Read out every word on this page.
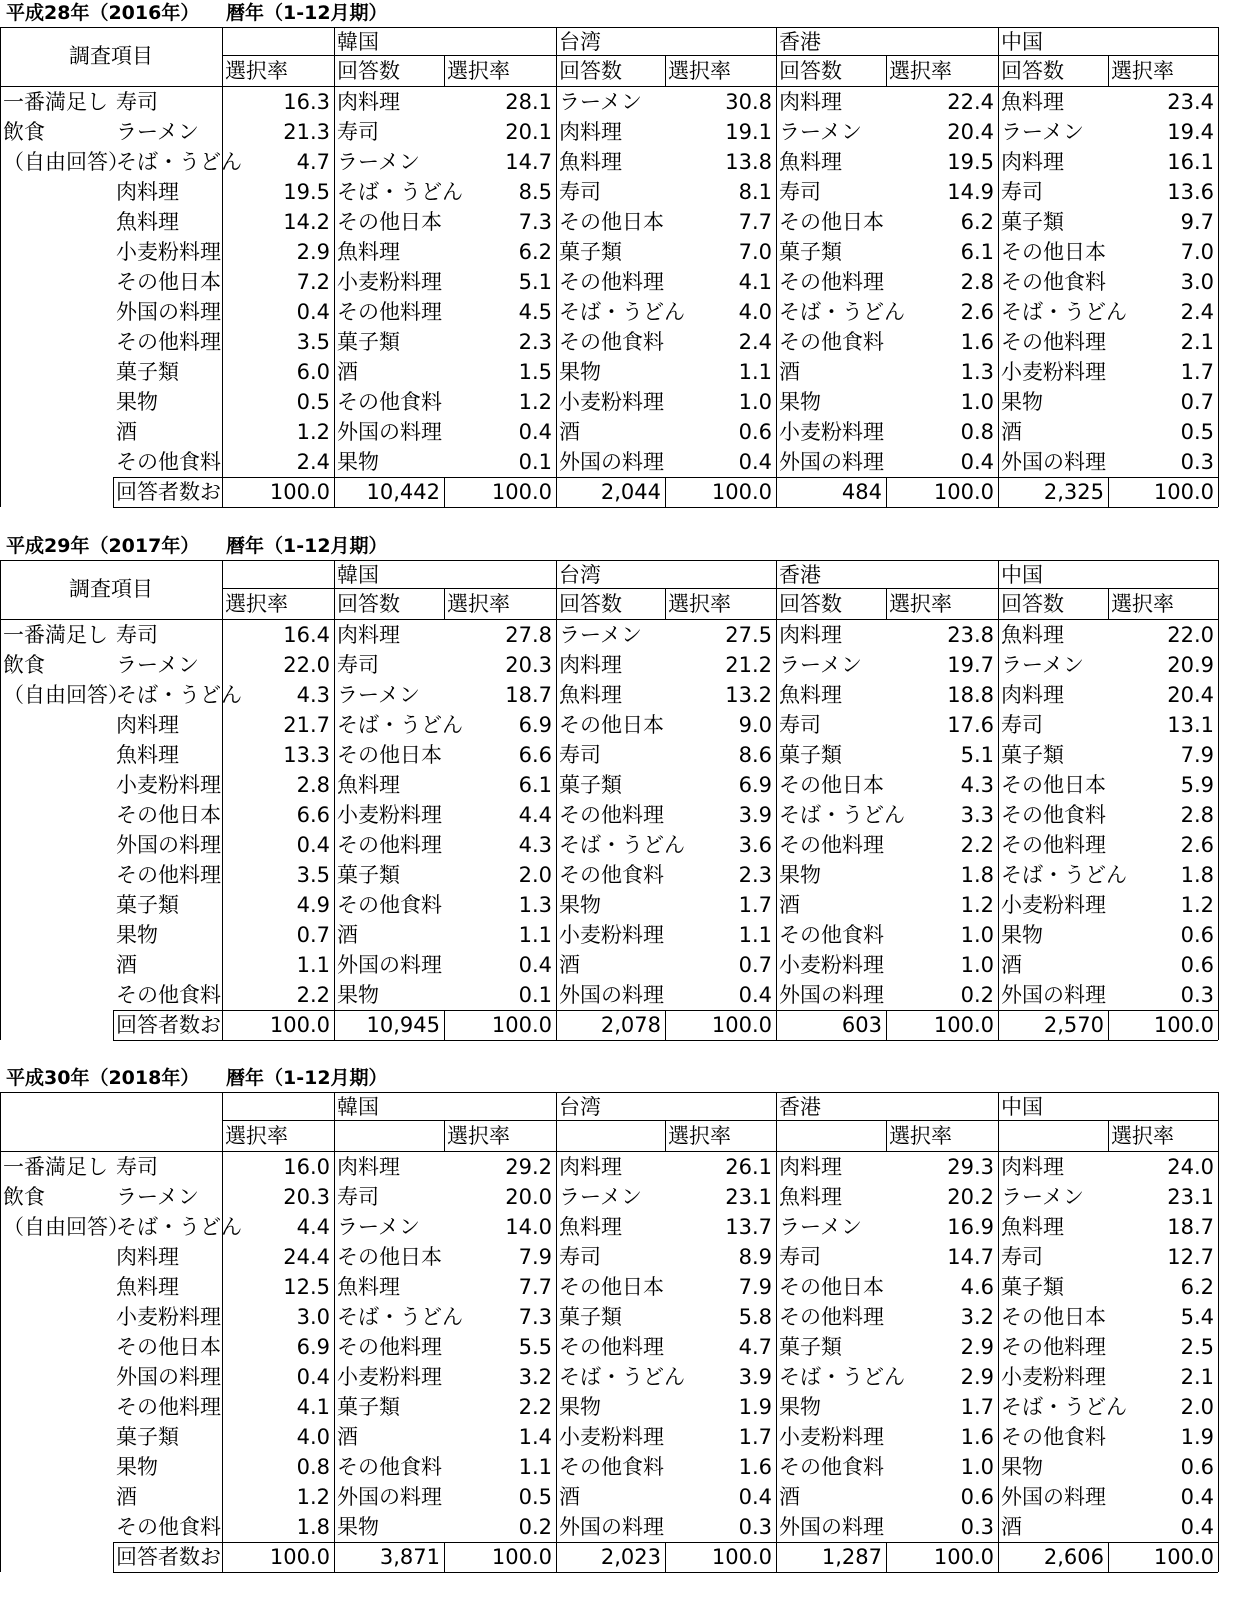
平成28年（2016年） 暦年（1-12月期）
調査項目
韓国	台湾	香港	中国
選択率	回答数	選択率	回答数	選択率	回答数	選択率	回答数	選択率
一番満足し
飲食
（自由回答）
寿司	16.3 肉料理	28.1 ラーメン	30.8 肉料理	22.4 魚料理	23.4
ラーメン	21.3 寿司	20.1 肉料理	19.1 ラーメン	20.4 ラーメン	19.4
そば・うどん	4.7 ラーメン	14.7 魚料理	13.8 魚料理	19.5 肉料理	16.1
肉料理	19.5 そば・うどん	8.5 寿司	8.1 寿司	14.9 寿司	13.6
魚料理	14.2 その他日本	7.3 その他日本	7.7 その他日本	6.2 菓子類	9.7
小麦粉料理	2.9 魚料理	6.2 菓子類	7.0 菓子類	6.1 その他日本	7.0
その他日本	7.2 小麦粉料理	5.1 その他料理	4.1 その他料理	2.8 その他食料	3.0
外国の料理	0.4 その他料理	4.5 そば・うどん	4.0 そば・うどん	2.6 そば・うどん	2.4
その他料理	3.5 菓子類	2.3 その他食料	2.4 その他食料	1.6 その他料理	2.1
菓子類	6.0 酒	1.5 果物	1.1 酒	1.3 小麦粉料理	1.7
果物	0.5 その他食料	1.2 小麦粉料理	1.0 果物	1.0 果物	0.7
酒	1.2 外国の料理	0.4 酒	0.6 小麦粉料理	0.8 酒	0.5
その他食料	2.4 果物	0.1 外国の料理	0.4 外国の料理	0.4 外国の料理	0.3
回答者数お	100.0	10,442	100.0	2,044	100.0	484	100.0	2,325	100.0
平成29年（2017年） 暦年（1-12月期）
調査項目
韓国	台湾	香港	中国
選択率	回答数	選択率	回答数	選択率	回答数	選択率	回答数	選択率
一番満足し
飲食
（自由回答）
寿司	16.4 肉料理	27.8 ラーメン	27.5 肉料理	23.8 魚料理	22.0
ラーメン	22.0 寿司	20.3 肉料理	21.2 ラーメン	19.7 ラーメン	20.9
そば・うどん	4.3 ラーメン	18.7 魚料理	13.2 魚料理	18.8 肉料理	20.4
肉料理	21.7 そば・うどん	6.9 その他日本	9.0 寿司	17.6 寿司	13.1
魚料理	13.3 その他日本	6.6 寿司	8.6 菓子類	5.1 菓子類	7.9
小麦粉料理	2.8 魚料理	6.1 菓子類	6.9 その他日本	4.3 その他日本	5.9
その他日本	6.6 小麦粉料理	4.4 その他料理	3.9 そば・うどん	3.3 その他食料	2.8
外国の料理	0.4 その他料理	4.3 そば・うどん	3.6 その他料理	2.2 その他料理	2.6
その他料理	3.5 菓子類	2.0 その他食料	2.3 果物	1.8 そば・うどん	1.8
菓子類	4.9 その他食料	1.3 果物	1.7 酒	1.2 小麦粉料理	1.2
果物	0.7 酒	1.1 小麦粉料理	1.1 その他食料	1.0 果物	0.6
酒	1.1 外国の料理	0.4 酒	0.7 小麦粉料理	1.0 酒	0.6
その他食料	2.2 果物	0.1 外国の料理	0.4 外国の料理	0.2 外国の料理	0.3
回答者数お	100.0	10,945	100.0	2,078	100.0	603	100.0	2,570	100.0
平成30年（2018年） 暦年（1-12月期）
韓国	台湾	香港	中国
選択率	選択率	選択率	選択率	選択率
一番満足し
飲食
（自由回答）
寿司	16.0 肉料理	29.2 肉料理	26.1 肉料理	29.3 肉料理	24.0
ラーメン	20.3 寿司	20.0 ラーメン	23.1 魚料理	20.2 ラーメン	23.1
そば・うどん	4.4 ラーメン	14.0 魚料理	13.7 ラーメン	16.9 魚料理	18.7
肉料理	24.4 その他日本	7.9 寿司	8.9 寿司	14.7 寿司	12.7
魚料理	12.5 魚料理	7.7 その他日本	7.9 その他日本	4.6 菓子類	6.2
小麦粉料理	3.0 そば・うどん	7.3 菓子類	5.8 その他料理	3.2 その他日本	5.4
その他日本	6.9 その他料理	5.5 その他料理	4.7 菓子類	2.9 その他料理	2.5
外国の料理	0.4 小麦粉料理	3.2 そば・うどん	3.9 そば・うどん	2.9 小麦粉料理	2.1
その他料理	4.1 菓子類	2.2 果物	1.9 果物	1.7 そば・うどん	2.0
菓子類	4.0 酒	1.4 小麦粉料理	1.7 小麦粉料理	1.6 その他食料	1.9
果物	0.8 その他食料	1.1 その他食料	1.6 その他食料	1.0 果物	0.6
酒	1.2 外国の料理	0.5 酒	0.4 酒	0.6 外国の料理	0.4
その他食料	1.8 果物	0.2 外国の料理	0.3 外国の料理	0.3 酒	0.4
回答者数お	100.0	3,871	100.0	2,023	100.0	1,287	100.0	2,606	100.0
